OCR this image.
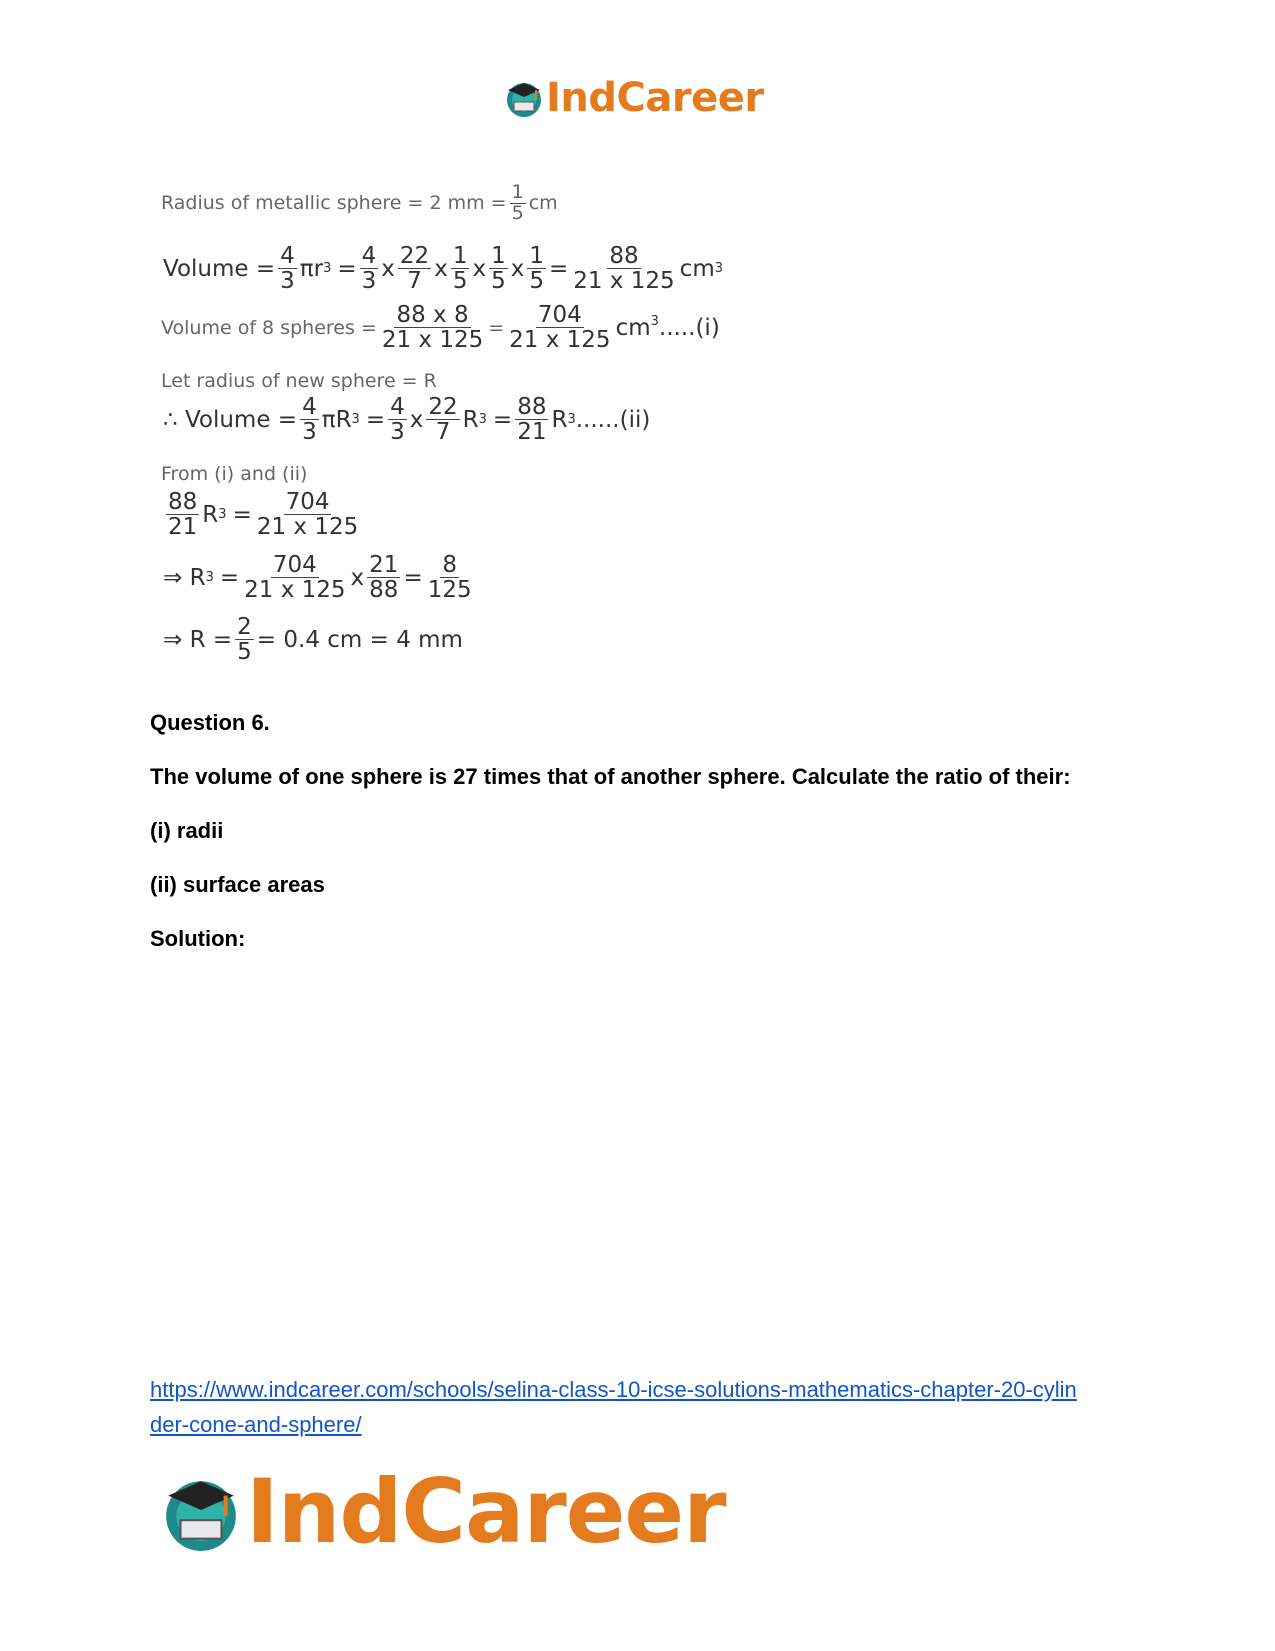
IndCareer
Radius of metallic sphere = 2 mm = $\frac{1}{5}$ cm
Volume = $\frac{4}{3}$ πr $3 = \frac{4}{3}$ x $\frac{22}{7}$ x $\frac{1}{5}$ x $\frac{1}{5}$ x $\frac{1}{5} = \frac{88}{21 x 125}$ cm 3
Volume of 8 spheres = $\frac{88 x 8}{21 x 125} = \frac{704}{21 x 125} cm^3.....(i)$
Let radius of new sphere = R
∴ Volume = $\frac{4}{3}$ πR $3 = \frac{4}{3}$ x $\frac{22}{7}$ R $3 = \frac{88}{21}$ R 3 ......(ii)
From (i) and (ii)
$\frac{88}{21}$ R $3 = \frac{704}{21 x 125}$
⇒ R $3 = \frac{704}{21 x 125}$ x $\frac{21}{88} = \frac{8}{125}$
⇒ $R = \frac{2}{5} = 0.4$ cm = 4 mm
Question 6.
The volume of one sphere is 27 times that of another sphere. Calculate the ratio of their:
(i) radii
(ii) surface areas
Solution:
https://www.indcareer.com/schools/selina-class-10-icse-solutions-mathematics-chapter-20-cylin
der-cone-and-sphere/
IndCareer
